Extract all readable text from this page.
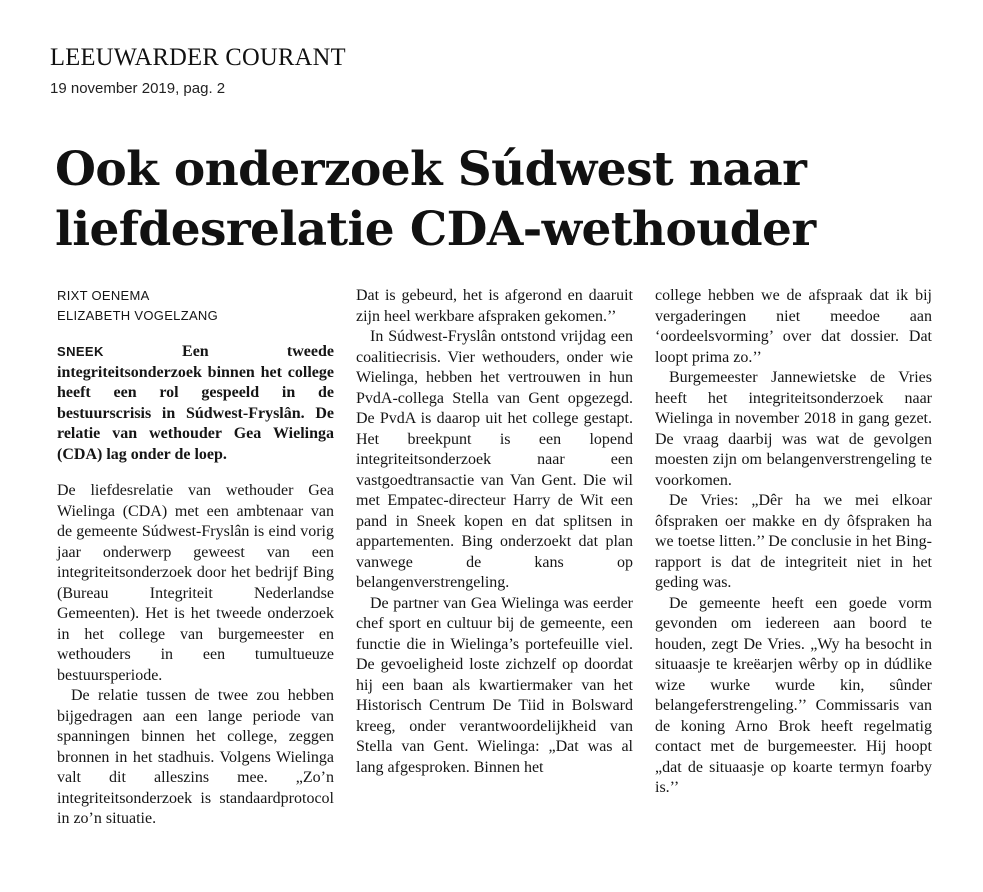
LEEUWARDER COURANT
19 november 2019, pag. 2
Ook onderzoek Súdwest naar
liefdesrelatie CDA-wethouder
RIXT OENEMA
ELIZABETH VOGELZANG

SNEEK Een tweede integriteitsonderzoek binnen het college heeft een rol gespeeld in de bestuurscrisis in Súdwest-Fryslân. De relatie van wethouder Gea Wielinga (CDA) lag onder de loep.

De liefdesrelatie van wethouder Gea Wielinga (CDA) met een ambtenaar van de gemeente Súdwest-Fryslân is eind vorig jaar onderwerp geweest van een integriteitsonderzoek door het bedrijf Bing (Bureau Integriteit Nederlandse Gemeenten). Het is het tweede onderzoek in het college van burgemeester en wethouders in een tumultueuze bestuursperiode.

De relatie tussen de twee zou hebben bijgedragen aan een lange periode van spanningen binnen het college, zeggen bronnen in het stadhuis. Volgens Wielinga valt dit alleszins mee. „Zo’n integriteitsonderzoek is standaardprotocol in zo’n situatie.

Dat is gebeurd, het is afgerond en daaruit zijn heel werkbare afspraken gekomen.’’

In Súdwest-Fryslân ontstond vrijdag een coalitiecrisis. Vier wethouders, onder wie Wielinga, hebben het vertrouwen in hun PvdA-collega Stella van Gent opgezegd. De PvdA is daarop uit het college gestapt. Het breekpunt is een lopend integriteitsonderzoek naar een vastgoedtransactie van Van Gent. Die wil met Empatec-directeur Harry de Wit een pand in Sneek kopen en dat splitsen in appartementen. Bing onderzoekt dat plan vanwege de kans op belangenverstrengeling.

De partner van Gea Wielinga was eerder chef sport en cultuur bij de gemeente, een functie die in Wielinga’s portefeuille viel. De gevoeligheid loste zichzelf op doordat hij een baan als kwartiermaker van het Historisch Centrum De Tiid in Bolsward kreeg, onder verantwoordelijkheid van Stella van Gent. Wielinga: „Dat was al lang afgesproken. Binnen het

college hebben we de afspraak dat ik bij vergaderingen niet meedoe aan ‘oordeelsvorming’ over dat dossier. Dat loopt prima zo.’’

Burgemeester Jannewietske de Vries heeft het integriteitsonderzoek naar Wielinga in november 2018 in gang gezet. De vraag daarbij was wat de gevolgen moesten zijn om belangenverstrengeling te voorkomen.

De Vries: „Dêr ha we mei elkoar ôfspraken oer makke en dy ôfspraken ha we toetse litten.’’ De conclusie in het Bing-rapport is dat de integriteit niet in het geding was.

De gemeente heeft een goede vorm gevonden om iedereen aan boord te houden, zegt De Vries. „Wy ha besocht in situaasje te kreëarjen wêrby op in dúdlike wize wurke wurde kin, sûnder belangeferstrengeling.’’ Commissaris van de koning Arno Brok heeft regelmatig contact met de burgemeester. Hij hoopt „dat de situaasje op koarte termyn foarby is.’’
